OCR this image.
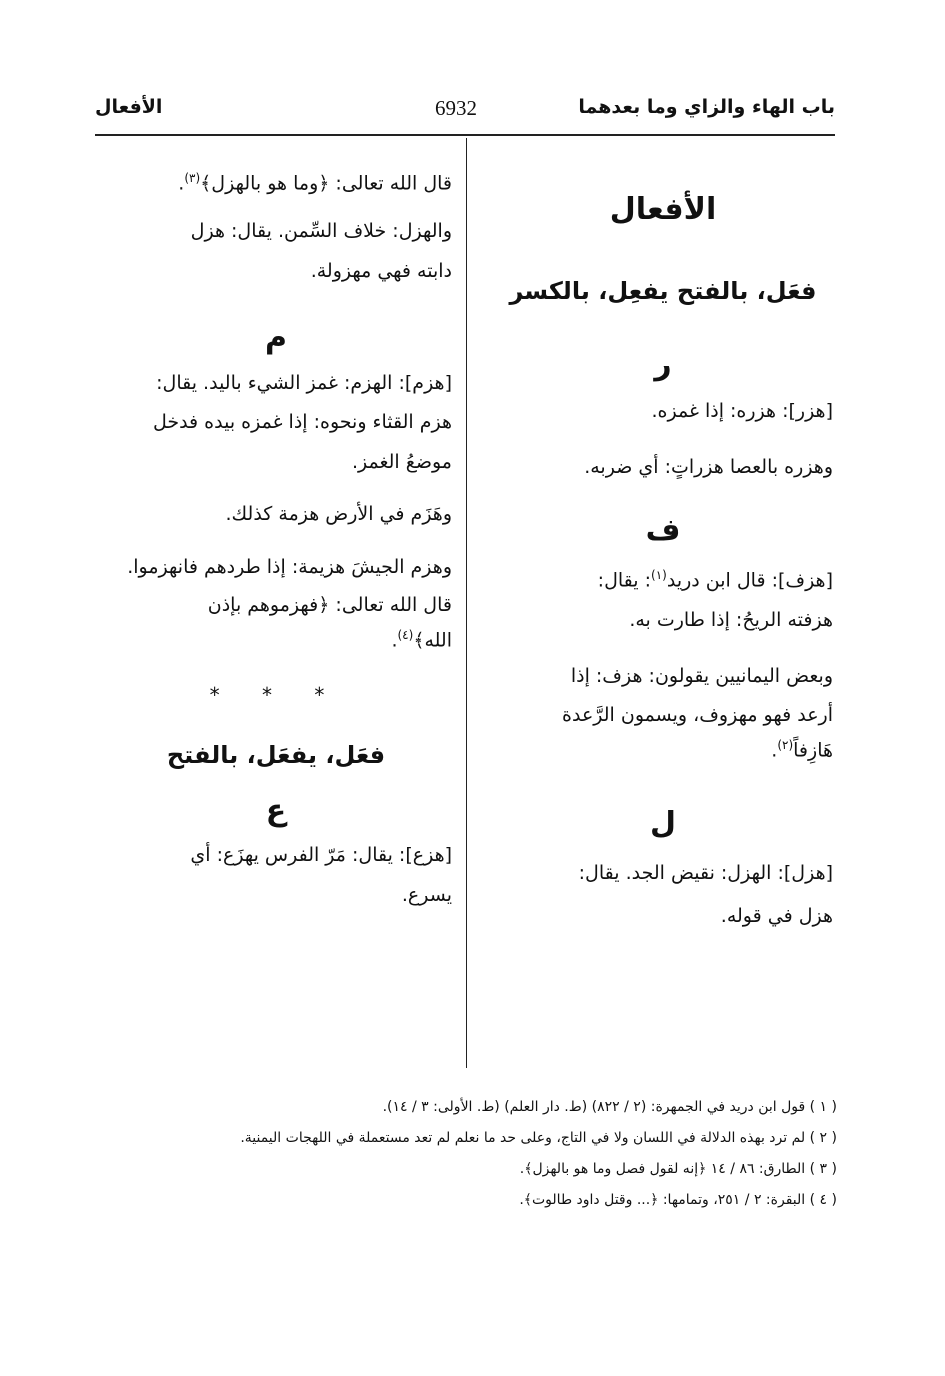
باب الهاء والزاي وما بعدهما
6932
الأفعال
الأفعال
فعَل، بالفتح يفعِل، بالكسر
ر

[هزر]: هزره: إذا غمزه.

وهزره بالعصا هزراتٍ: أي ضربه.

ف

[هزف]: قال ابن دريد$^{(١)}$: يقال:

هزفته الريحُ: إذا طارت به.

وبعض اليمانيين يقولون: هزف: إذا

أرعد فهو مهزوف، ويسمون الرَّعدة

هَازِفاً$^{(٢)}$.

ل

[هزل]: الهزل: نقيض الجد. يقال:

هزل في قوله.

قال الله تعالى: ﴿وما هو بالهزل﴾$^{(٣)}$.

والهزل: خلاف السِّمن. يقال: هزل

دابته فهي مهزولة.

م

[هزم]: الهزم: غمز الشيء باليد. يقال:

هزم القثاء ونحوه: إذا غمزه بيده فدخل

موضعُ الغمز.

وهَزَم في الأرض هزمة كذلك.

وهزم الجيشَ هزيمة: إذا طردهم فانهزموا.

قال الله تعالى: ﴿فهزموهم بإذن

الله﴾$^{(٤)}$.

* * *
فعَل، يفعَل، بالفتح
ع

[هزع]: يقال: مَرّ الفرس يهزَع: أي

يسرع.

( ١ ) قول ابن دريد في الجمهرة: (٢ / ٨٢٢) (ط. دار العلم) (ط. الأولى: ٣ / ١٤).
( ٢ ) لم ترد بهذه الدلالة في اللسان ولا في التاج، وعلى حد ما نعلم لم تعد مستعملة في اللهجات اليمنية.
( ٣ ) الطارق: ٨٦ / ١٤ ﴿إنه لقول فصل وما هو بالهزل﴾.
( ٤ ) البقرة: ٢ / ٢٥١، وتمامها: ﴿... وقتل داود طالوت﴾.
